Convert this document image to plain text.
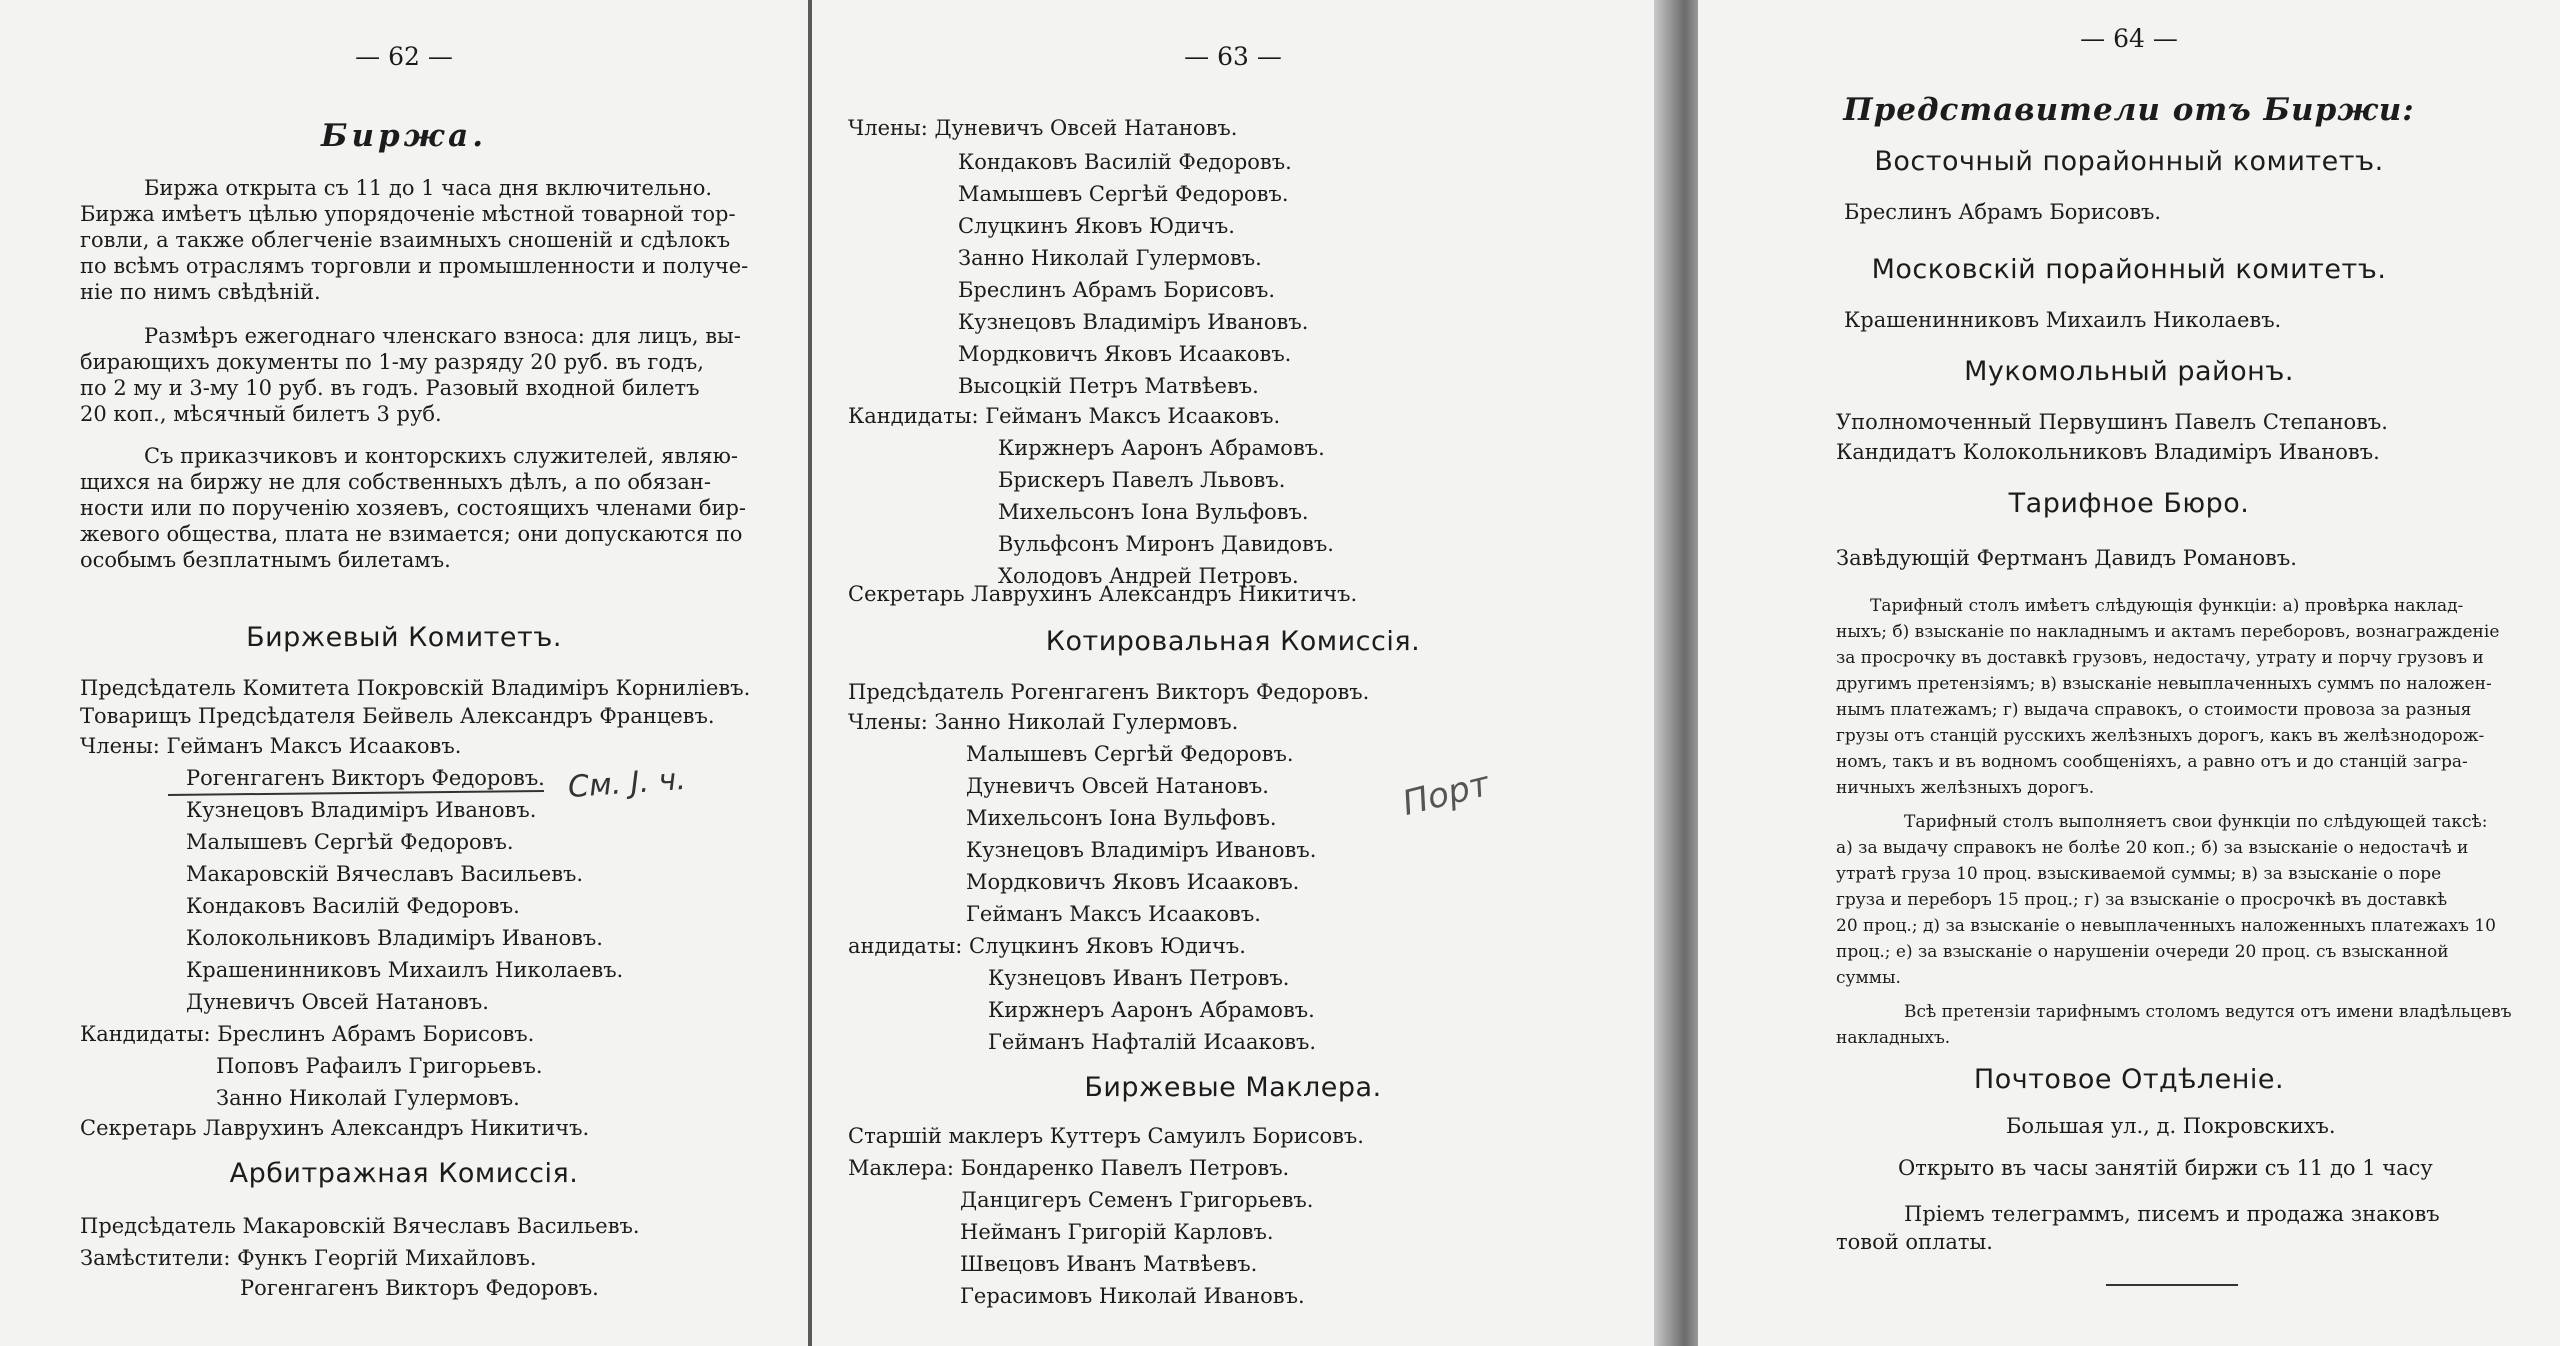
— 62 —
Биржа.
Биржа открыта съ 11 до 1 часа дня включительно.
Биржа имѣетъ цѣлью упорядоченіе мѣстной товарной тор-
говли, а также облегченіе взаимныхъ сношеній и сдѣлокъ
по всѣмъ отраслямъ торговли и промышленности и получе-
ніе по нимъ свѣдѣній.
Размѣръ ежегоднаго членскаго взноса: для лицъ, вы-
бирающихъ документы по 1-му разряду 20 руб. въ годъ,
по 2 му и 3-му 10 руб. въ годъ. Разовый входной билетъ
20 коп., мѣсячный билетъ 3 руб.
Съ приказчиковъ и конторскихъ служителей, являю-
щихся на биржу не для собственныхъ дѣлъ, а по обязан-
ности или по порученію хозяевъ, состоящихъ членами бир-
жевого общества, плата не взимается; они допускаются по
особымъ безплатнымъ билетамъ.
Биржевый Комитетъ.
Предсѣдатель Комитета Покровскій Владиміръ Корниліевъ.
Товарищъ Предсѣдателя Бейвель Александръ Францевъ.
Члены: Гейманъ Максъ Исааковъ.
Рогенгагенъ Викторъ Федоровъ.
Кузнецовъ Владиміръ Ивановъ.
Малышевъ Сергѣй Федоровъ.
Макаровскій Вячеславъ Васильевъ.
Кондаковъ Василій Федоровъ.
Колокольниковъ Владиміръ Ивановъ.
Крашенинниковъ Михаилъ Николаевъ.
Дуневичъ Овсей Натановъ.
Кандидаты: Бреслинъ Абрамъ Борисовъ.
Поповъ Рафаилъ Григорьевъ.
Занно Николай Гулермовъ.
Секретарь Лаврухинъ Александръ Никитичъ.
См. J. ч.
Арбитражная Комиссія.
Предсѣдатель Макаровскій Вячеславъ Васильевъ.
Замѣстители: Функъ Георгій Михайловъ.
Рогенгагенъ Викторъ Федоровъ.
— 63 —
Члены: Дуневичъ Овсей Натановъ.
Кондаковъ Василій Федоровъ.
Мамышевъ Сергѣй Федоровъ.
Слуцкинъ Яковъ Юдичъ.
Занно Николай Гулермовъ.
Бреслинъ Абрамъ Борисовъ.
Кузнецовъ Владиміръ Ивановъ.
Мордковичъ Яковъ Исааковъ.
Высоцкій Петръ Матвѣевъ.
Кандидаты: Гейманъ Максъ Исааковъ.
Киржнеръ Ааронъ Абрамовъ.
Брискеръ Павелъ Львовъ.
Михельсонъ Іона Вульфовъ.
Вульфсонъ Миронъ Давидовъ.
Холодовъ Андрей Петровъ.
Секретарь Лаврухинъ Александръ Никитичъ.
Котировальная Комиссія.
Предсѣдатель Рогенгагенъ Викторъ Федоровъ.
Члены: Занно Николай Гулермовъ.
Малышевъ Сергѣй Федоровъ.
Дуневичъ Овсей Натановъ.
Михельсонъ Іона Вульфовъ.
Кузнецовъ Владиміръ Ивановъ.
Мордковичъ Яковъ Исааковъ.
Гейманъ Максъ Исааковъ.
андидаты: Слуцкинъ Яковъ Юдичъ.
Кузнецовъ Иванъ Петровъ.
Киржнеръ Ааронъ Абрамовъ.
Гейманъ Нафталій Исааковъ.
Порт
Биржевые Маклера.
Старшій маклеръ Куттеръ Самуилъ Борисовъ.
Маклера: Бондаренко Павелъ Петровъ.
Данцигеръ Семенъ Григорьевъ.
Нейманъ Григорій Карловъ.
Швецовъ Иванъ Матвѣевъ.
Герасимовъ Николай Ивановъ.
— 64 —
Представители отъ Биржи:
Восточный порайонный комитетъ.
Бреслинъ Абрамъ Борисовъ.
Московскій порайонный комитетъ.
Крашенинниковъ Михаилъ Николаевъ.
Мукомольный районъ.
Уполномоченный Первушинъ Павелъ Степановъ.
Кандидатъ Колокольниковъ Владиміръ Ивановъ.
Тарифное Бюро.
Завѣдующій Фертманъ Давидъ Романовъ.
Тарифный столъ имѣетъ слѣдующія функціи: а) провѣрка наклад-
ныхъ; б) взысканіе по накладнымъ и актамъ переборовъ, вознагражденіе
за просрочку въ доставкѣ грузовъ, недостачу, утрату и порчу грузовъ и
другимъ претензіямъ; в) взысканіе невыплаченныхъ суммъ по наложен-
нымъ платежамъ; г) выдача справокъ, о стоимости провоза за разныя
грузы отъ станцій русскихъ желѣзныхъ дорогъ, какъ въ желѣзнодорож-
номъ, такъ и въ водномъ сообщеніяхъ, а равно отъ и до станцій загра-
ничныхъ желѣзныхъ дорогъ.
Тарифный столъ выполняетъ свои функціи по слѣдующей таксѣ:
а) за выдачу справокъ не болѣе 20 коп.; б) за взысканіе о недостачѣ и
утратѣ груза 10 проц. взыскиваемой суммы; в) за взысканіе о поре
груза и переборъ 15 проц.; г) за взысканіе о просрочкѣ въ доставкѣ
20 проц.; д) за взысканіе о невыплаченныхъ наложенныхъ платежахъ 10
проц.; е) за взысканіе о нарушеніи очереди 20 проц. съ взысканной
суммы.
Всѣ претензіи тарифнымъ столомъ ведутся отъ имени владѣльцевъ
накладныхъ.
Почтовое Отдѣленіе.
Большая ул., д. Покровскихъ.
Открыто въ часы занятій биржи съ 11 до 1 часу
Пріемъ телеграммъ, писемъ и продажа знаковъ
товой оплаты.
